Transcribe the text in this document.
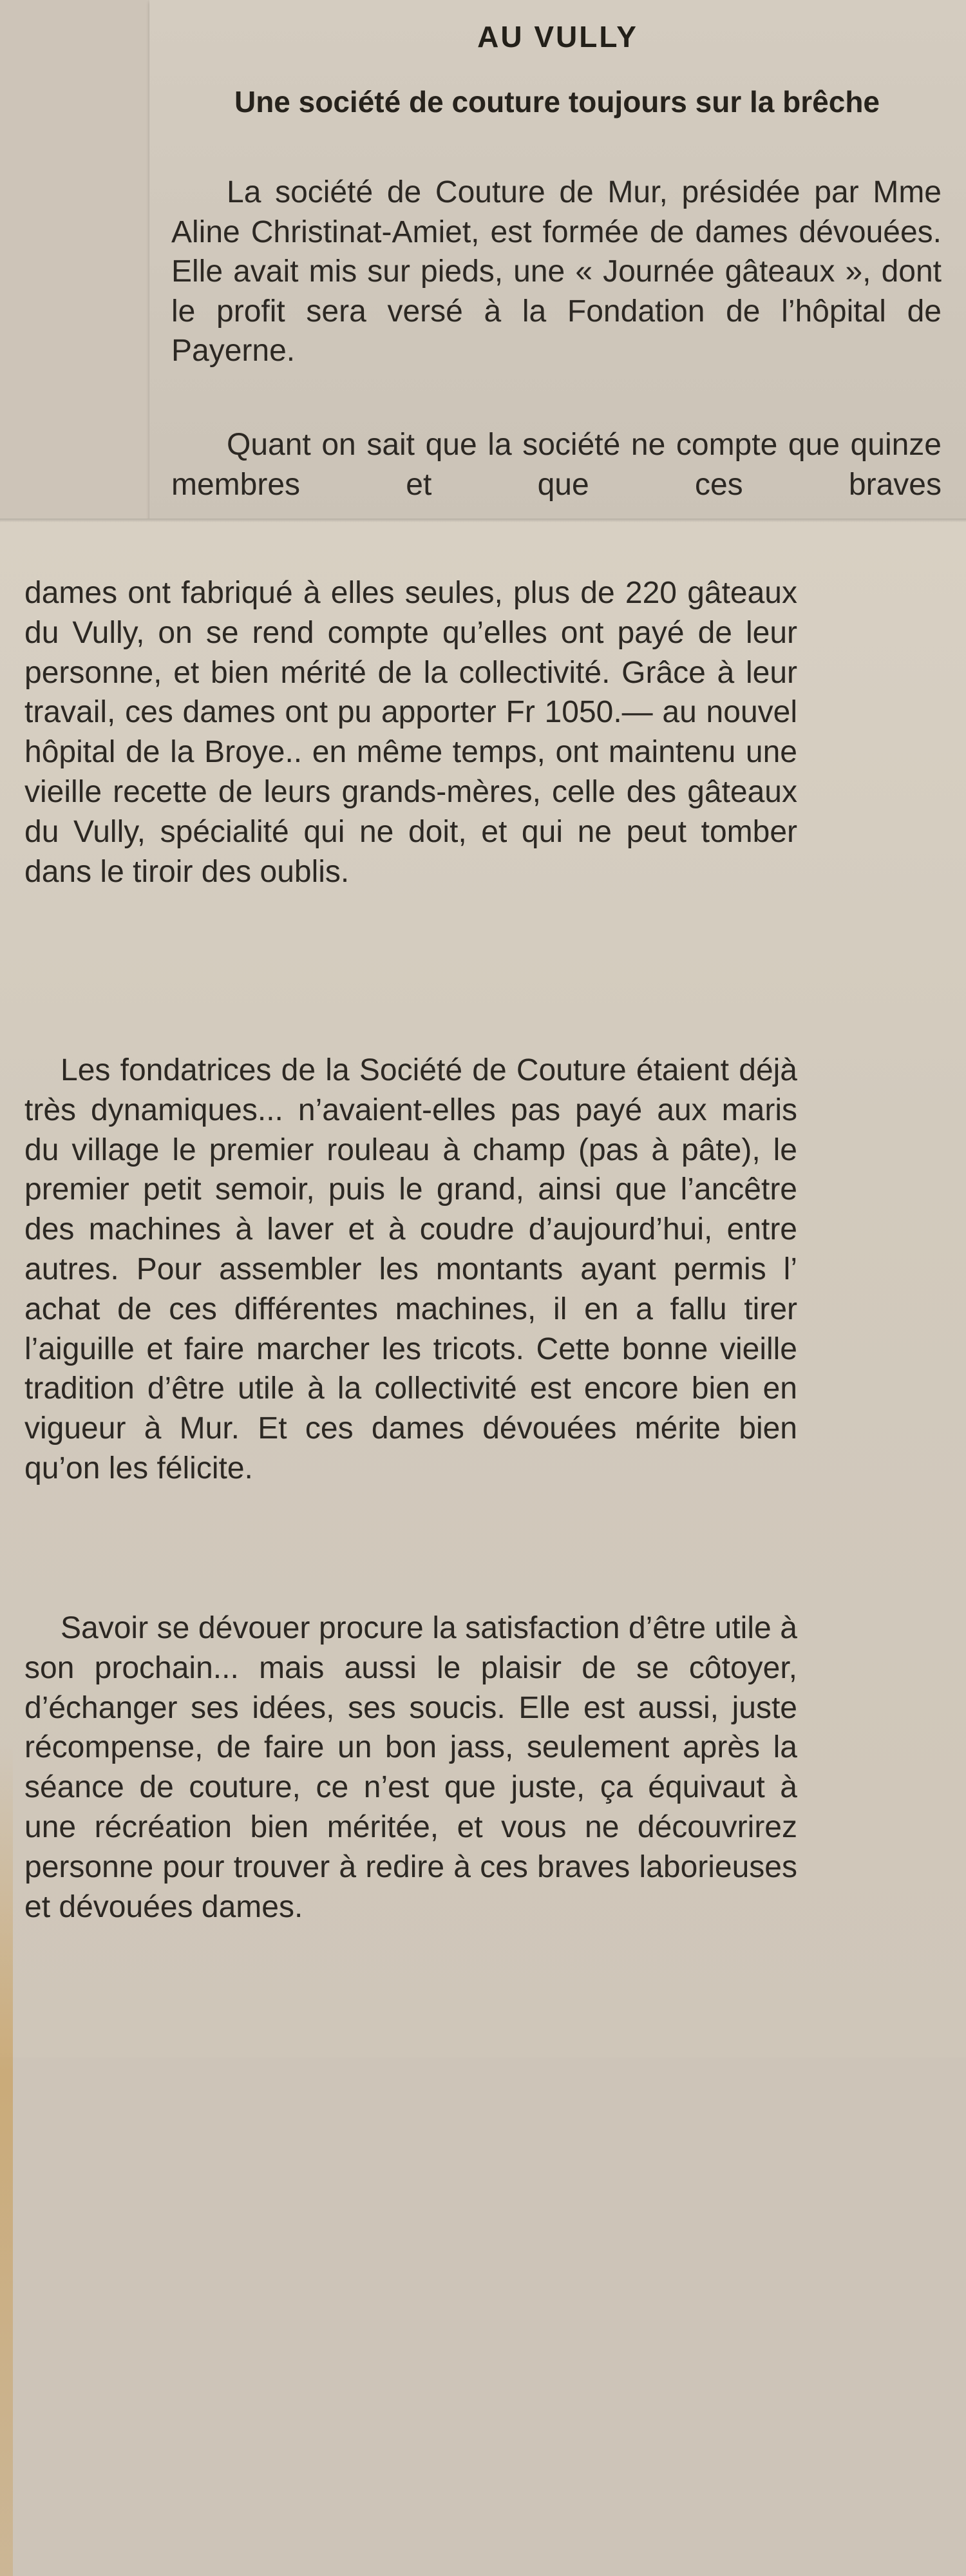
AU VULLY
Une société de couture toujours sur la brêche

La société de Couture de Mur, présidée par Mme Aline Christinat-Amiet, est formée de dames dévouées. Elle avait mis sur pieds, une « Journée gâteaux », dont le profit sera versé à la Fondation de l’hôpital de Payerne.

Quant on sait que la société ne compte que quinze membres et que ces braves

dames ont fabriqué à elles seules, plus de 220 gâteaux du Vully, on se rend compte qu’elles ont payé de leur personne, et bien mérité de la collectivité. Grâce à leur travail, ces dames ont pu apporter Fr 1050.— au nouvel hôpital de la Broye.. en même temps, ont maintenu une vieille recette de leurs grands-mères, celle des gâteaux du Vully, spécialité qui ne doit, et qui ne peut tomber dans le tiroir des oublis.

Les fondatrices de la Société de Couture étaient déjà très dynamiques... n’avaient-elles pas payé aux maris du village le premier rouleau à champ (pas à pâte), le premier petit semoir, puis le grand, ainsi que l’ancêtre des machines à laver et à coudre d’aujourd’hui, entre autres. Pour assembler les montants ayant permis l’ achat de ces différentes machines, il en a fallu tirer l’aiguille et faire marcher les tricots. Cette bonne vieille tradition d’être utile à la collectivité est encore bien en vigueur à Mur. Et ces dames dévouées mérite bien qu’on les félicite.

Savoir se dévouer procure la satisfaction d’être utile à son prochain... mais aussi le plaisir de se côtoyer, d’échanger ses idées, ses soucis. Elle est aussi, juste récompense, de faire un bon jass, seulement après la séance de couture, ce n’est que juste, ça équivaut à une récréation bien méritée, et vous ne découvrirez personne pour trouver à redire à ces braves laborieuses et dévouées dames.
